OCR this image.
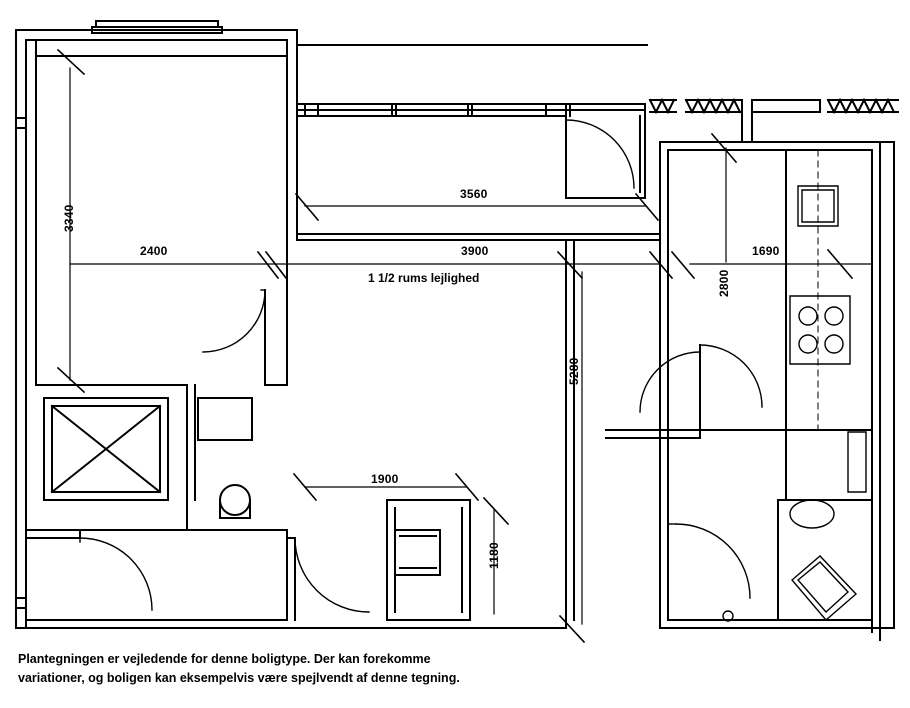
3340
2400
3560
3900	1690
2800
5280
1900
1180
1 1/2 rums lejlighed
Plantegningen er vejledende for denne boligtype. Der kan forekomme
variationer, og boligen kan eksempelvis være spejlvendt af denne tegning.
